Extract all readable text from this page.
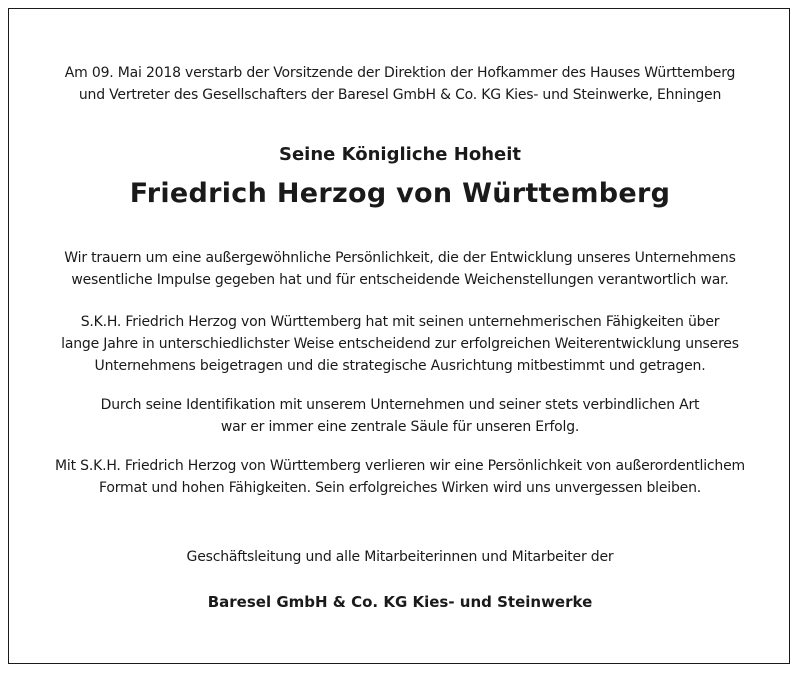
Am 09. Mai 2018 verstarb der Vorsitzende der Direktion der Hofkammer des Hauses Württemberg
und Vertreter des Gesellschafters der Baresel GmbH & Co. KG Kies- und Steinwerke, Ehningen
Seine Königliche Hoheit
Friedrich Herzog von Württemberg
Wir trauern um eine außergewöhnliche Persönlichkeit, die der Entwicklung unseres Unternehmens
wesentliche Impulse gegeben hat und für entscheidende Weichenstellungen verantwortlich war.
S.K.H. Friedrich Herzog von Württemberg hat mit seinen unternehmerischen Fähigkeiten über
lange Jahre in unterschiedlichster Weise entscheidend zur erfolgreichen Weiterentwicklung unseres
Unternehmens beigetragen und die strategische Ausrichtung mitbestimmt und getragen.
Durch seine Identifikation mit unserem Unternehmen und seiner stets verbindlichen Art
war er immer eine zentrale Säule für unseren Erfolg.
Mit S.K.H. Friedrich Herzog von Württemberg verlieren wir eine Persönlichkeit von außerordentlichem
Format und hohen Fähigkeiten. Sein erfolgreiches Wirken wird uns unvergessen bleiben.
Geschäftsleitung und alle Mitarbeiterinnen und Mitarbeiter der
Baresel GmbH & Co. KG Kies- und Steinwerke
